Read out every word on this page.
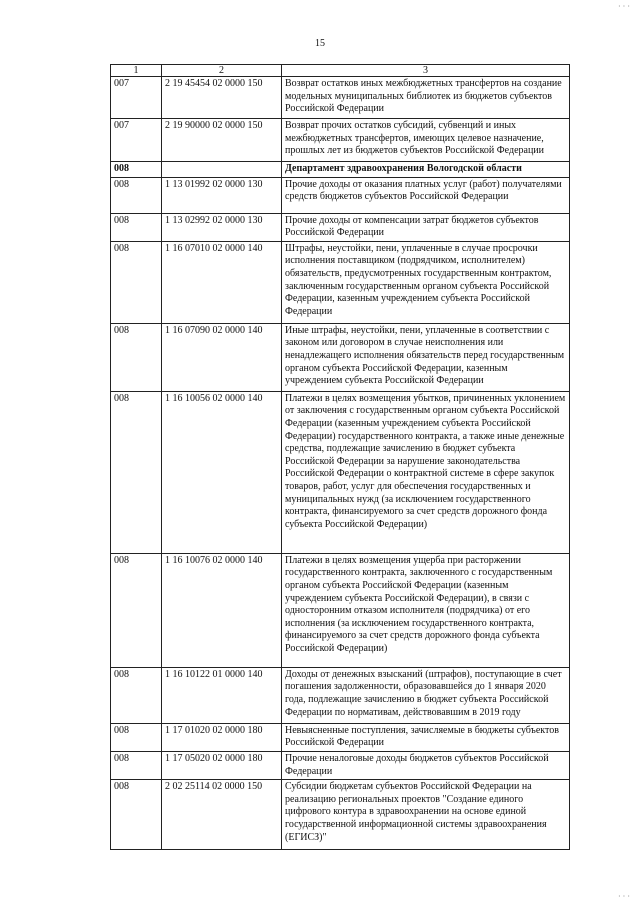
15
1	2	3
007	2 19 45454 02 0000 150	Возврат остатков иных межбюджетных трансфертов на создание модельных муниципальных библиотек из бюджетов субъектов Российской Федерации
007	2 19 90000 02 0000 150	Возврат прочих остатков субсидий, субвенций и иных межбюджетных трансфертов, имеющих целевое назначение, прошлых лет из бюджетов субъектов Российской Федерации
008		Департамент здравоохранения Вологодской области
008	1 13 01992 02 0000 130	Прочие доходы от оказания платных услуг (работ) получателями средств бюджетов субъектов Российской Федерации
008	1 13 02992 02 0000 130	Прочие доходы от компенсации затрат бюджетов субъектов Российской Федерации
008	1 16 07010 02 0000 140	Штрафы, неустойки, пени, уплаченные в случае просрочки исполнения поставщиком (подрядчиком, исполнителем) обязательств, предусмотренных государственным контрактом, заключенным государственным органом субъекта Российской Федерации, казенным учреждением субъекта Российской Федерации
008	1 16 07090 02 0000 140	Иные штрафы, неустойки, пени, уплаченные в соответствии с законом или договором в случае неисполнения или ненадлежащего исполнения обязательств перед государственным органом субъекта Российской Федерации, казенным учреждением субъекта Российской Федерации
008	1 16 10056 02 0000 140	Платежи в целях возмещения убытков, причиненных уклонением от заключения с государственным органом субъекта Российской Федерации (казенным учреждением субъекта Российской Федерации) государственного контракта, а также иные денежные средства, подлежащие зачислению в бюджет субъекта Российской Федерации за нарушение законодательства Российской Федерации о контрактной системе в сфере закупок товаров, работ, услуг для обеспечения государственных и муниципальных нужд (за исключением государственного контракта, финансируемого за счет средств дорожного фонда субъекта Российской Федерации)
008	1 16 10076 02 0000 140	Платежи в целях возмещения ущерба при расторжении государственного контракта, заключенного с государственным органом субъекта Российской Федерации (казенным учреждением субъекта Российской Федерации), в связи с односторонним отказом исполнителя (подрядчика) от его исполнения (за исключением государственного контракта, финансируемого за счет средств дорожного фонда субъекта Российской Федерации)
008	1 16 10122 01 0000 140	Доходы от денежных взысканий (штрафов), поступающие в счет погашения задолженности, образовавшейся до 1 января 2020 года, подлежащие зачислению в бюджет субъекта Российской Федерации по нормативам, действовавшим в 2019 году
008	1 17 01020 02 0000 180	Невыясненные поступления, зачисляемые в бюджеты субъектов Российской Федерации
008	1 17 05020 02 0000 180	Прочие неналоговые доходы бюджетов субъектов Российской Федерации
008	2 02 25114 02 0000 150	Субсидии бюджетам субъектов Российской Федерации на реализацию региональных проектов "Создание единого цифрового контура в здравоохранении на основе единой государственной информационной системы здравоохранения (ЕГИСЗ)"
· · ·
· · ·
